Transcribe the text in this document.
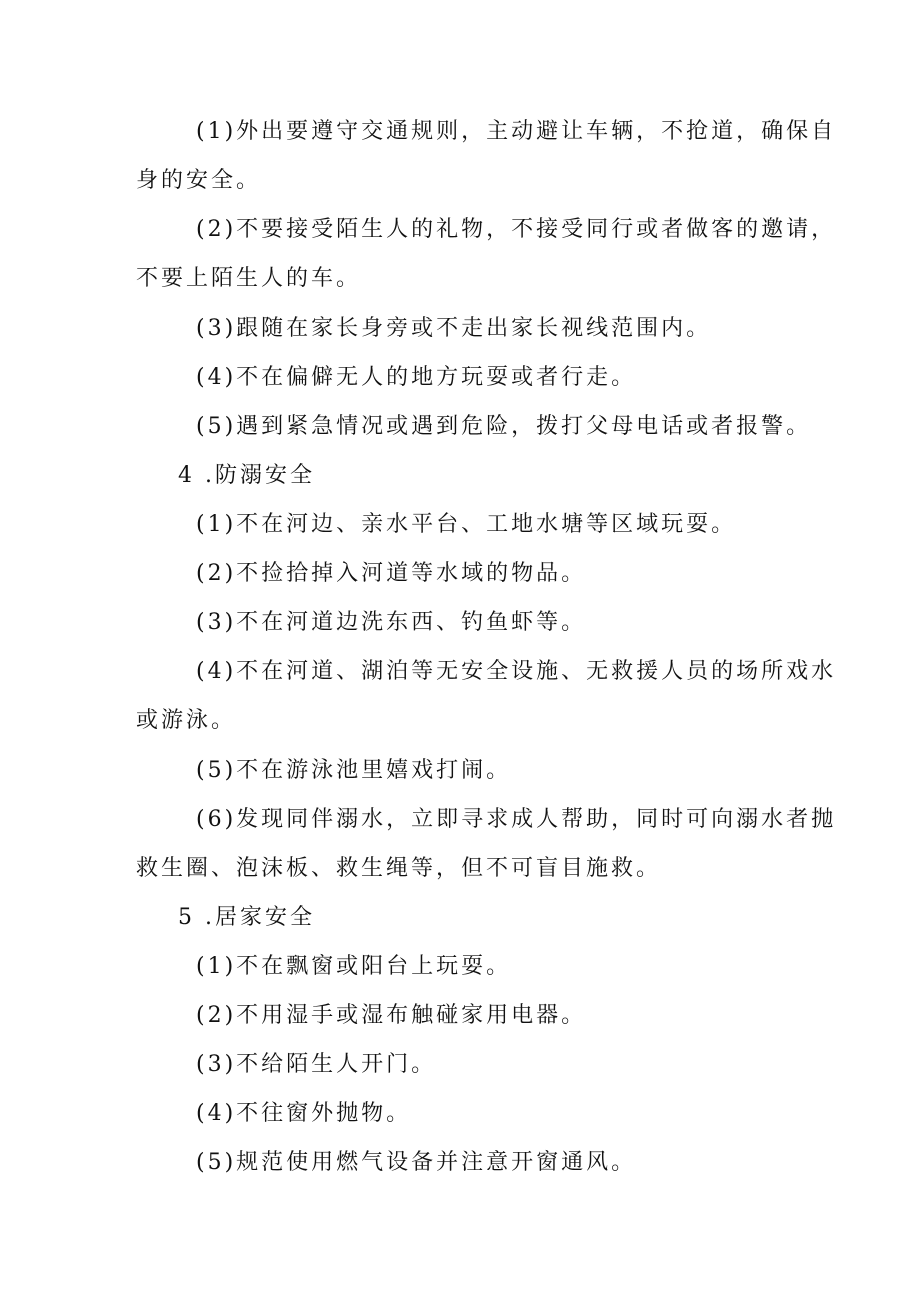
(1)外出要遵守交通规则，主动避让车辆，不抢道，确保自
身的安全。
(2)不要接受陌生人的礼物，不接受同行或者做客的邀请，
不要上陌生人的车。
(3)跟随在家长身旁或不走出家长视线范围内。
(4)不在偏僻无人的地方玩耍或者行走。
(5)遇到紧急情况或遇到危险，拨打父母电话或者报警。
4 .防溺安全
(1)不在河边、亲水平台、工地水塘等区域玩耍。
(2)不捡拾掉入河道等水域的物品。
(3)不在河道边洗东西、钓鱼虾等。
(4)不在河道、湖泊等无安全设施、无救援人员的场所戏水
或游泳。
(5)不在游泳池里嬉戏打闹。
(6)发现同伴溺水，立即寻求成人帮助，同时可向溺水者抛
救生圈、泡沫板、救生绳等，但不可盲目施救。
5 .居家安全
(1)不在飘窗或阳台上玩耍。
(2)不用湿手或湿布触碰家用电器。
(3)不给陌生人开门。
(4)不往窗外抛物。
(5)规范使用燃气设备并注意开窗通风。
